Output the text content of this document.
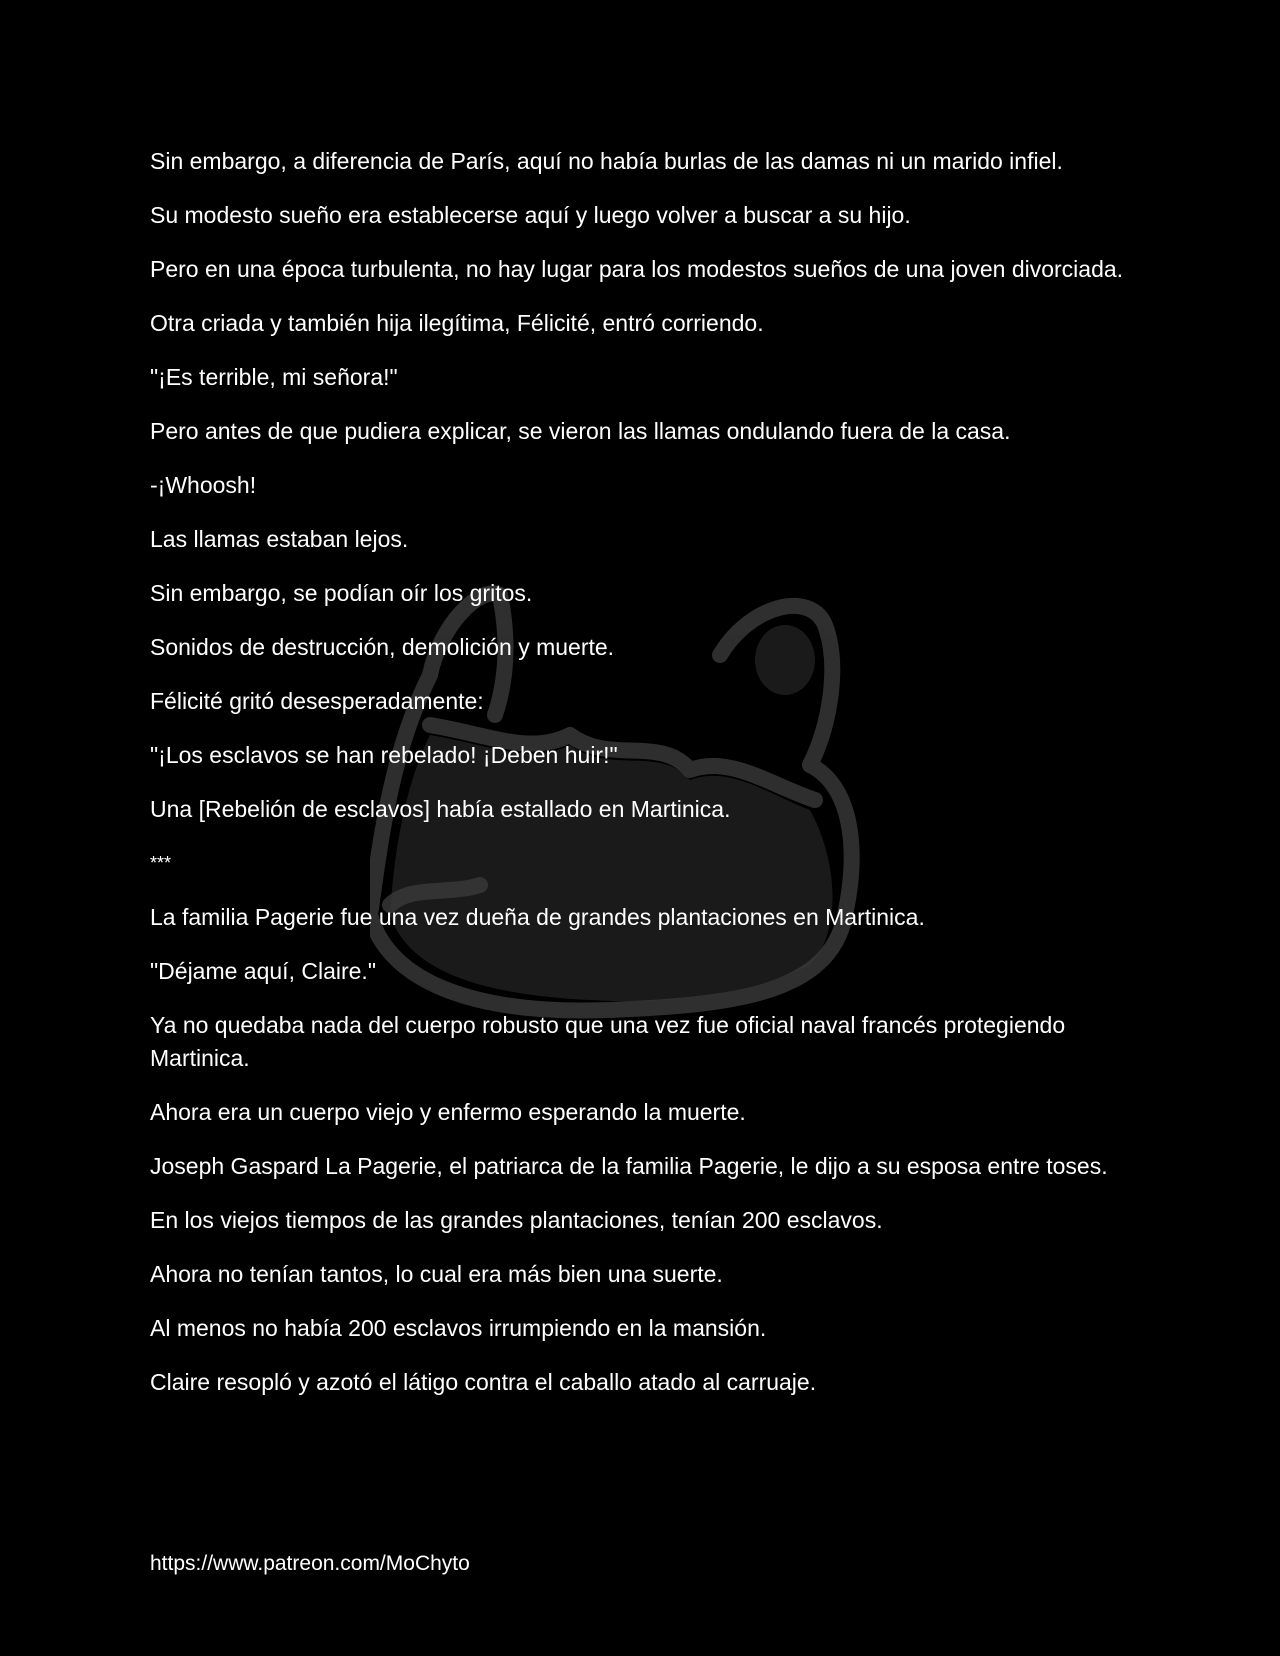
Sin embargo, a diferencia de París, aquí no había burlas de las damas ni un marido infiel.

Su modesto sueño era establecerse aquí y luego volver a buscar a su hijo.

Pero en una época turbulenta, no hay lugar para los modestos sueños de una joven divorciada.

Otra criada y también hija ilegítima, Félicité, entró corriendo.

"¡Es terrible, mi señora!"

Pero antes de que pudiera explicar, se vieron las llamas ondulando fuera de la casa.

-¡Whoosh!

Las llamas estaban lejos.

Sin embargo, se podían oír los gritos.

Sonidos de destrucción, demolición y muerte.

Félicité gritó desesperadamente:

"¡Los esclavos se han rebelado! ¡Deben huir!"

Una [Rebelión de esclavos] había estallado en Martinica.

***

La familia Pagerie fue una vez dueña de grandes plantaciones en Martinica.

"Déjame aquí, Claire."

Ya no quedaba nada del cuerpo robusto que una vez fue oficial naval francés protegiendo Martinica.

Ahora era un cuerpo viejo y enfermo esperando la muerte.

Joseph Gaspard La Pagerie, el patriarca de la familia Pagerie, le dijo a su esposa entre toses.

En los viejos tiempos de las grandes plantaciones, tenían 200 esclavos.

Ahora no tenían tantos, lo cual era más bien una suerte.

Al menos no había 200 esclavos irrumpiendo en la mansión.

Claire resopló y azotó el látigo contra el caballo atado al carruaje.

https://www.patreon.com/MoChyto
